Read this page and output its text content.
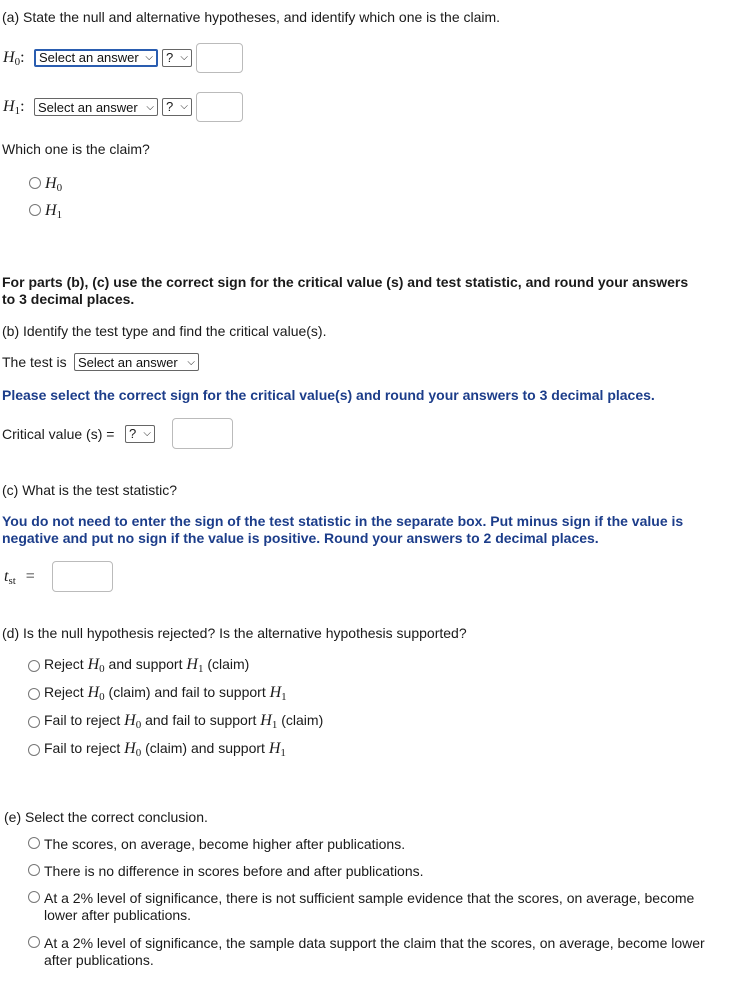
(a) State the null and alternative hypotheses, and identify which one is the claim.
$H_0$:	Select an answer ⌵	? ⌵
$H_1$:	Select an answer ⌵ ? ⌵
Which one is the claim?
$H_0$
$H_1$
For parts (b), (c) use the correct sign for the critical value (s) and test statistic, and round your answers to 3 decimal places.
(b) Identify the test type and find the critical value(s).
The test is Select an answer ⌵
Please select the correct sign for the critical value(s) and round your answers to 3 decimal places.
Critical value (s) =	? ⌵
(c) What is the test statistic?
You do not need to enter the sign of the test statistic in the separate box. Put minus sign if the value is negative and put no sign if the value is positive. Round your answers to 2 decimal places.
$t_{st}$ =
(d) Is the null hypothesis rejected? Is the alternative hypothesis supported?
Reject $H_0$ and support $H_1$ (claim)
Reject $H_0$ (claim) and fail to support $H_1$
Fail to reject $H_0$ and fail to support $H_1$ (claim)
Fail to reject $H_0$ (claim) and support $H_1$
(e) Select the correct conclusion.
The scores, on average, become higher after publications.
There is no difference in scores before and after publications.
At a 2% level of significance, there is not sufficient sample evidence that the scores, on average, become lower after publications.
At a 2% level of significance, the sample data support the claim that the scores, on average, become lower after publications.
